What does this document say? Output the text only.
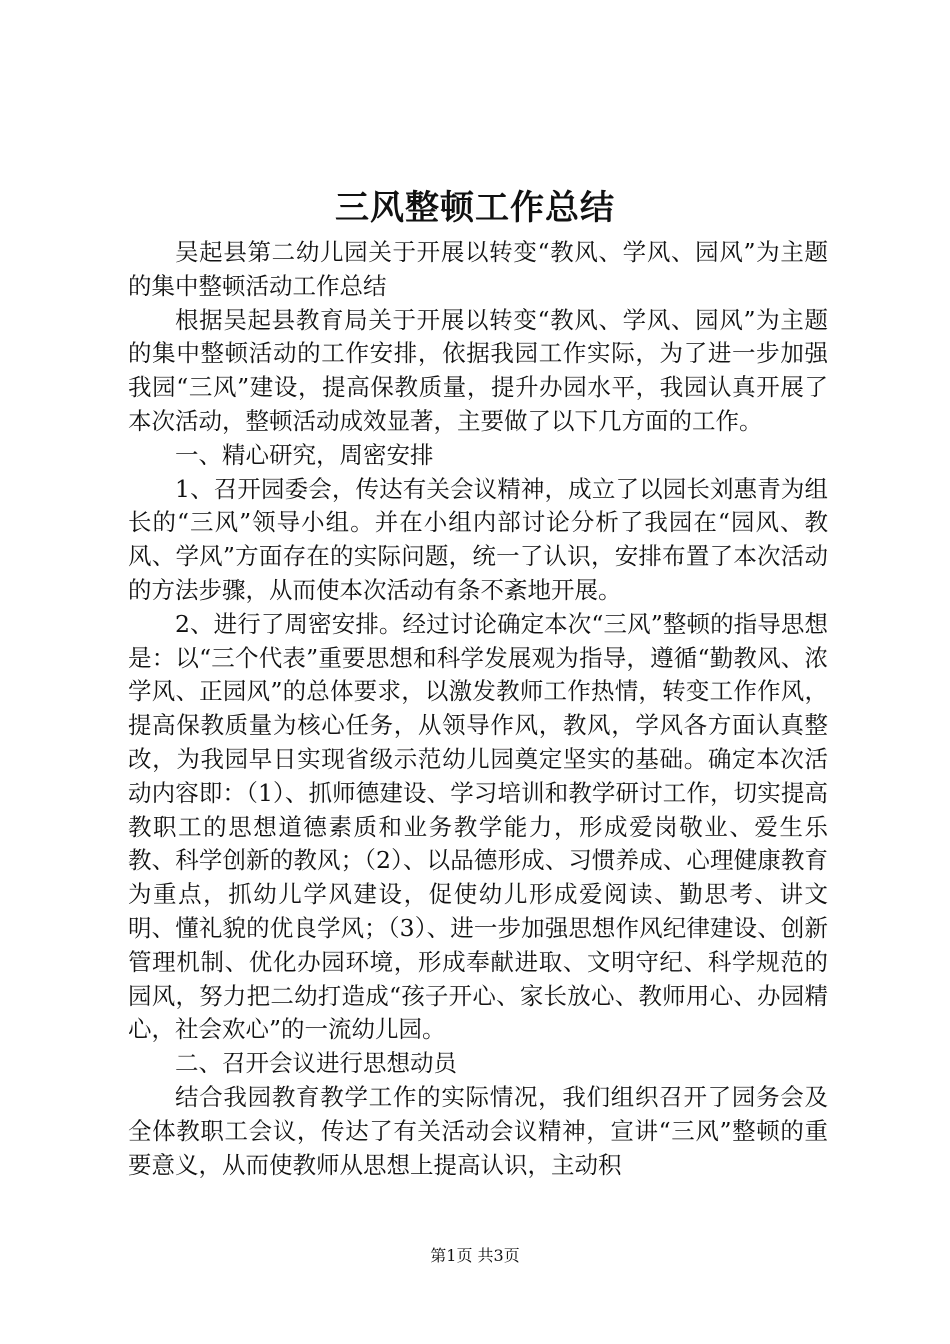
三风整顿工作总结

吴起县第二幼儿园关于开展以转变“教风、学风、园风”为主题的集中整顿活动工作总结

根据吴起县教育局关于开展以转变“教风、学风、园风”为主题的集中整顿活动的工作安排，依据我园工作实际，为了进一步加强我园“三风”建设，提高保教质量，提升办园水平，我园认真开展了本次活动，整顿活动成效显著，主要做了以下几方面的工作。

一、精心研究，周密安排

1、召开园委会，传达有关会议精神，成立了以园长刘惠青为组长的“三风”领导小组。并在小组内部讨论分析了我园在“园风、教风、学风”方面存在的实际问题，统一了认识，安排布置了本次活动的方法步骤，从而使本次活动有条不紊地开展。

2、进行了周密安排。经过讨论确定本次“三风”整顿的指导思想是：以“三个代表”重要思想和科学发展观为指导，遵循“勤教风、浓学风、正园风”的总体要求，以激发教师工作热情，转变工作作风，提高保教质量为核心任务，从领导作风，教风，学风各方面认真整改，为我园早日实现省级示范幼儿园奠定坚实的基础。确定本次活动内容即：（1）、抓师德建设、学习培训和教学研讨工作，切实提高教职工的思想道德素质和业务教学能力，形成爱岗敬业、爱生乐教、科学创新的教风；（2）、以品德形成、习惯养成、心理健康教育为重点，抓幼儿学风建设，促使幼儿形成爱阅读、勤思考、讲文明、懂礼貌的优良学风；（3）、进一步加强思想作风纪律建设、创新管理机制、优化办园环境，形成奉献进取、文明守纪、科学规范的园风，努力把二幼打造成“孩子开心、家长放心、教师用心、办园精心，社会欢心”的一流幼儿园。

二、召开会议进行思想动员

结合我园教育教学工作的实际情况，我们组织召开了园务会及全体教职工会议，传达了有关活动会议精神，宣讲“三风”整顿的重要意义，从而使教师从思想上提高认识，主动积

第1页 共3页
